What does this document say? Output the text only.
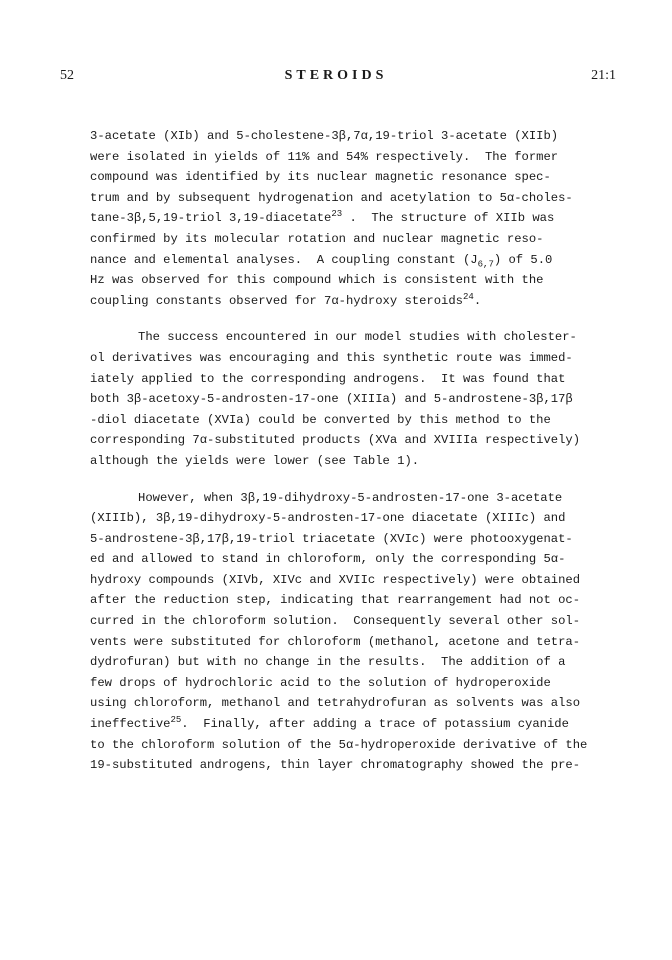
52	STEROIDS	21:1
3-acetate (XIb) and 5-cholestene-3β,7α,19-triol 3-acetate (XIIb)
were isolated in yields of 11% and 54% respectively.  The former
compound was identified by its nuclear magnetic resonance spec-
trum and by subsequent hydrogenation and acetylation to 5α-choles-
tane-3β,5,19-triol 3,19-diacetate$^{23}$ .  The structure of XIIb was
confirmed by its molecular rotation and nuclear magnetic reso-
nance and elemental analyses.  A coupling constant $(J_{6,7})$ of 5.0
Hz was observed for this compound which is consistent with the
coupling constants observed for 7α-hydroxy steroids$^{24}$.
The success encountered in our model studies with cholester-
ol derivatives was encouraging and this synthetic route was immed-
iately applied to the corresponding androgens.  It was found that
both 3β-acetoxy-5-androsten-17-one (XIIIa) and 5-androstene-3β,17β
-diol diacetate (XVIa) could be converted by this method to the
corresponding 7α-substituted products (XVa and XVIIIa respectively)
although the yields were lower (see Table 1).
However, when 3β,19-dihydroxy-5-androsten-17-one 3-acetate
(XIIIb), 3β,19-dihydroxy-5-androsten-17-one diacetate (XIIIc) and
5-androstene-3β,17β,19-triol triacetate (XVIc) were photooxygenat-
ed and allowed to stand in chloroform, only the corresponding 5α-
hydroxy compounds (XIVb, XIVc and XVIIc respectively) were obtained
after the reduction step, indicating that rearrangement had not oc-
curred in the chloroform solution.  Consequently several other sol-
vents were substituted for chloroform (methanol, acetone and tetra-
dydrofuran) but with no change in the results.  The addition of a
few drops of hydrochloric acid to the solution of hydroperoxide
using chloroform, methanol and tetrahydrofuran as solvents was also
ineffective$^{25}$.  Finally, after adding a trace of potassium cyanide
to the chloroform solution of the 5α-hydroperoxide derivative of the
19-substituted androgens, thin layer chromatography showed the pre-
